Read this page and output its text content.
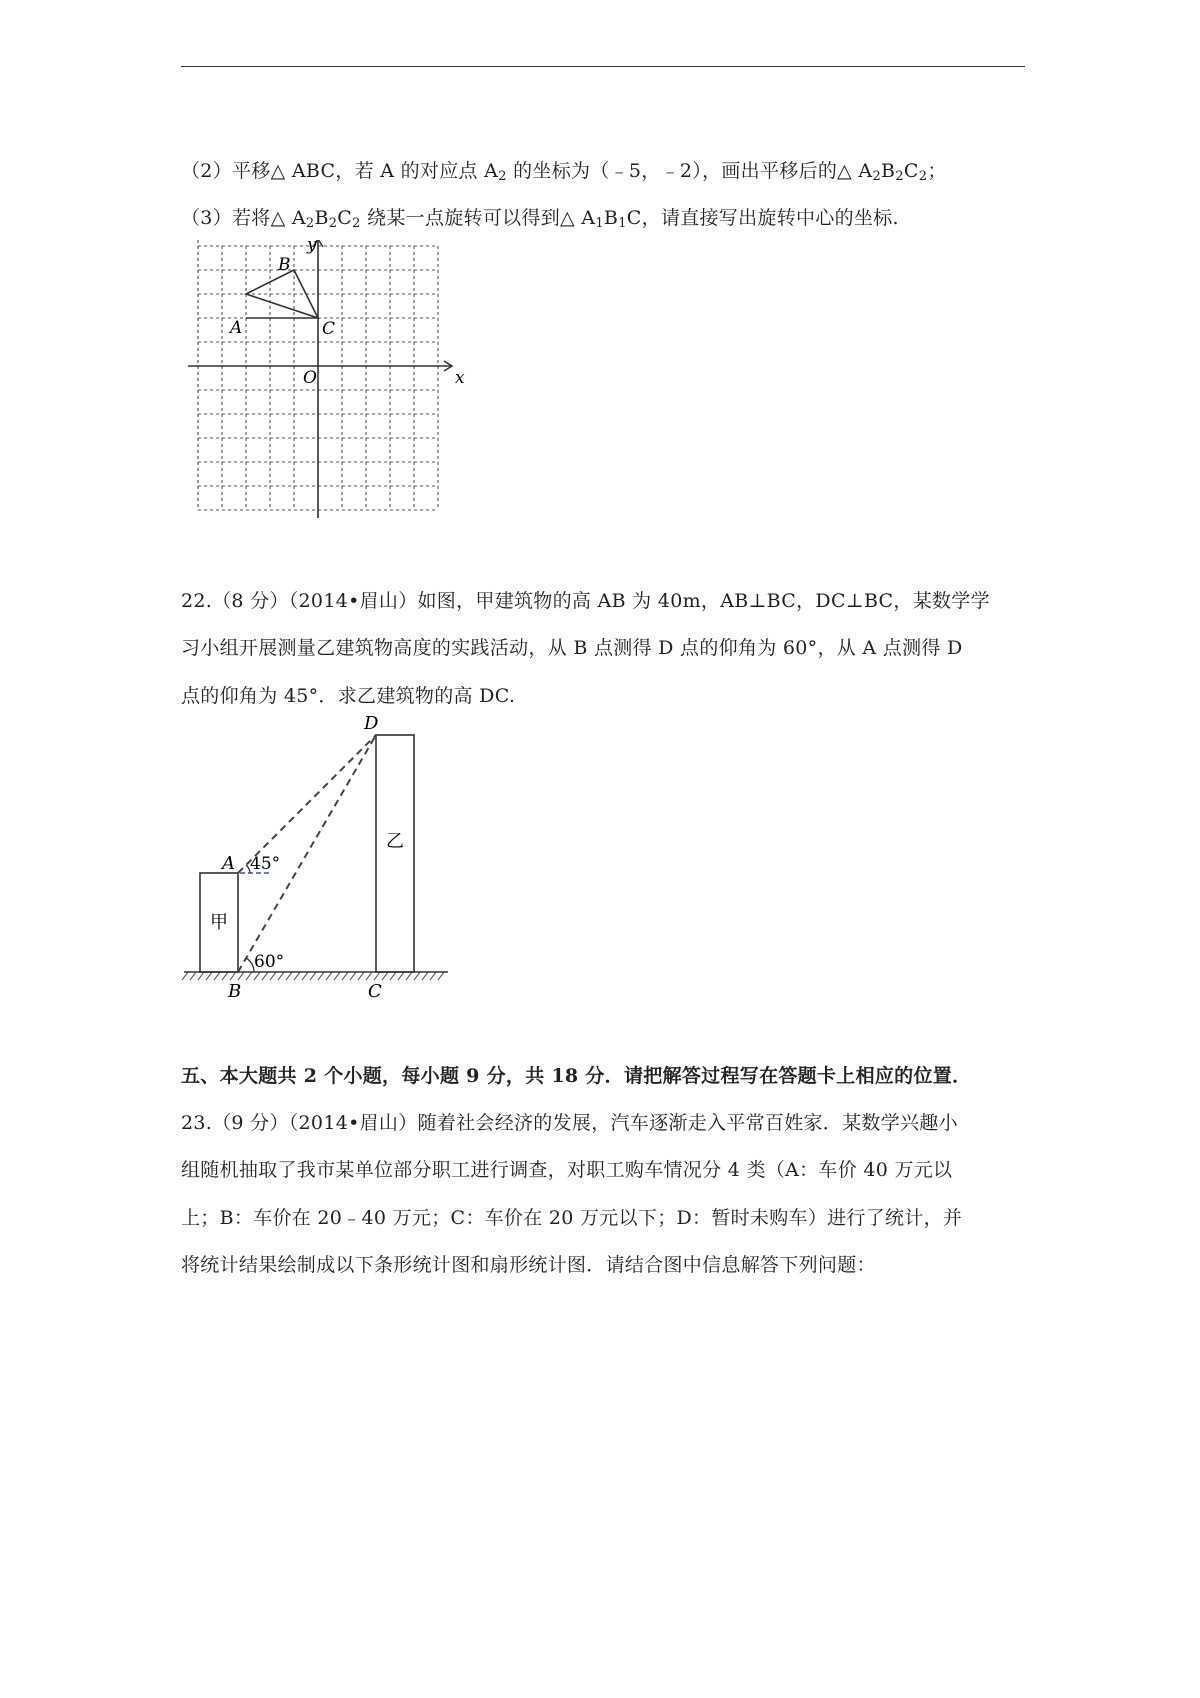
（2）平移△ ABC，若 A 的对应点 $A_2$ 的坐标为（﹣5，﹣2），画出平移后的△ $A_2B_2C_2$；
（3）若将△ $A_2B_2C_2$ 绕某一点旋转可以得到△ $A_1B_1C$，请直接写出旋转中心的坐标.
y
x
O
A
B
C
22.（8 分）（2014•眉山）如图，甲建筑物的高 AB 为 40m，AB⊥BC，DC⊥BC，某数学学
习小组开展测量乙建筑物高度的实践活动，从 B 点测得 D 点的仰角为 60°，从 A 点测得 D
点的仰角为 45°．求乙建筑物的高 DC.
D
A
B	C
45°
60°
甲
乙
五、本大题共 2 个小题，每小题 9 分，共 18 分．请把解答过程写在答题卡上相应的位置．
23.（9 分）（2014•眉山）随着社会经济的发展，汽车逐渐走入平常百姓家．某数学兴趣小
组随机抽取了我市某单位部分职工进行调查，对职工购车情况分 4 类（A：车价 40 万元以
上；B：车价在 20﹣40 万元；C：车价在 20 万元以下；D：暂时未购车）进行了统计，并
将统计结果绘制成以下条形统计图和扇形统计图．请结合图中信息解答下列问题：
